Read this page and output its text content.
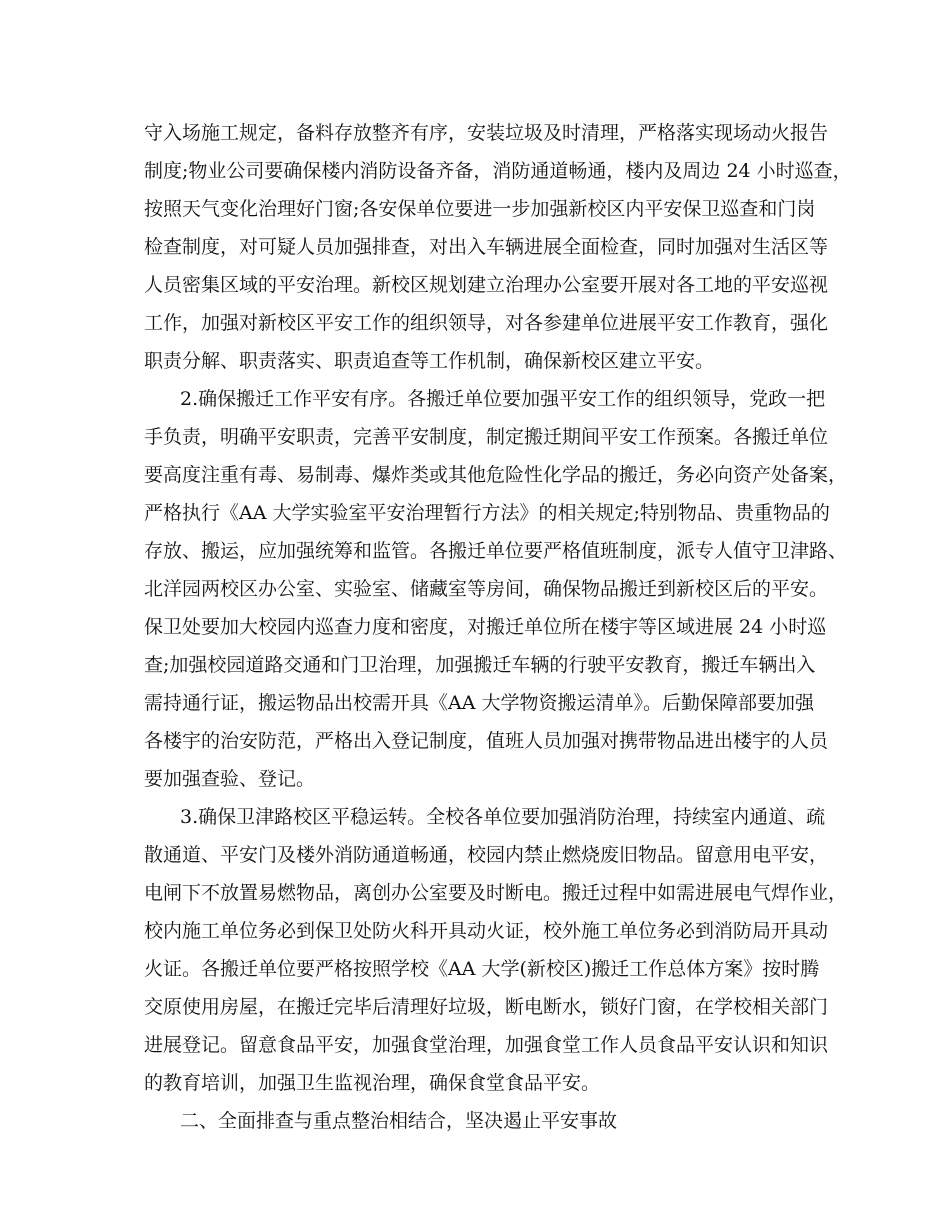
守入场施工规定，备料存放整齐有序，安装垃圾及时清理，严格落实现场动火报告
制度;物业公司要确保楼内消防设备齐备，消防通道畅通，楼内及周边 24 小时巡查，
按照天气变化治理好门窗;各安保单位要进一步加强新校区内平安保卫巡查和门岗
检查制度，对可疑人员加强排查，对出入车辆进展全面检查，同时加强对生活区等
人员密集区域的平安治理。新校区规划建立治理办公室要开展对各工地的平安巡视
工作，加强对新校区平安工作的组织领导，对各参建单位进展平安工作教育，强化
职责分解、职责落实、职责追查等工作机制，确保新校区建立平安。
2.确保搬迁工作平安有序。各搬迁单位要加强平安工作的组织领导，党政一把
手负责，明确平安职责，完善平安制度，制定搬迁期间平安工作预案。各搬迁单位
要高度注重有毒、易制毒、爆炸类或其他危险性化学品的搬迁，务必向资产处备案，
严格执行《AA 大学实验室平安治理暂行方法》的相关规定;特别物品、贵重物品的
存放、搬运，应加强统筹和监管。各搬迁单位要严格值班制度，派专人值守卫津路、
北洋园两校区办公室、实验室、储藏室等房间，确保物品搬迁到新校区后的平安。
保卫处要加大校园内巡查力度和密度，对搬迁单位所在楼宇等区域进展 24 小时巡
查;加强校园道路交通和门卫治理，加强搬迁车辆的行驶平安教育，搬迁车辆出入
需持通行证，搬运物品出校需开具《AA 大学物资搬运清单》。后勤保障部要加强
各楼宇的治安防范，严格出入登记制度，值班人员加强对携带物品进出楼宇的人员
要加强查验、登记。
3.确保卫津路校区平稳运转。全校各单位要加强消防治理，持续室内通道、疏
散通道、平安门及楼外消防通道畅通，校园内禁止燃烧废旧物品。留意用电平安，
电闸下不放置易燃物品，离创办公室要及时断电。搬迁过程中如需进展电气焊作业，
校内施工单位务必到保卫处防火科开具动火证，校外施工单位务必到消防局开具动
火证。各搬迁单位要严格按照学校《AA 大学(新校区)搬迁工作总体方案》按时腾
交原使用房屋，在搬迁完毕后清理好垃圾，断电断水，锁好门窗，在学校相关部门
进展登记。留意食品平安，加强食堂治理，加强食堂工作人员食品平安认识和知识
的教育培训，加强卫生监视治理，确保食堂食品平安。
二、全面排查与重点整治相结合，坚决遏止平安事故
